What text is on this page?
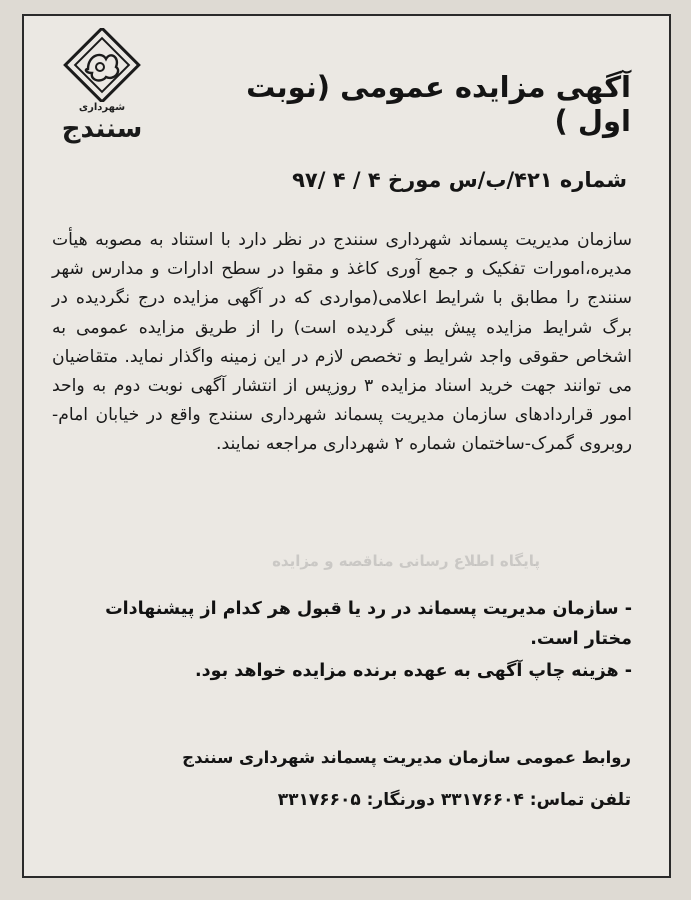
شهرداری
سنندج
آگهی مزایده عمومی (نوبت اول )
شماره ۴۲۱/ب/س مورخ ۴ / ۴ /۹۷
سازمان مدیریت پسماند شهرداری سنندج در نظر دارد با استناد به مصوبه هیأت مدیره،امورات تفکیک و جمع آوری کاغذ و مقوا در سطح ادارات و مدارس شهر سنندج را مطابق با شرایط اعلامی(مواردی که در آگهی مزایده درج نگردیده در برگ شرایط مزایده پیش بینی گردیده است) را از طریق مزایده عمومی به اشخاص حقوقی واجد شرایط و تخصص لازم در این زمینه واگذار نماید. متقاضیان می توانند جهت خرید اسناد مزایده ۳ روزپس از انتشار آگهی نوبت دوم به واحد امور قراردادهای سازمان مدیریت پسماند شهرداری سنندج واقع در خیابان امام-روبروی گمرک-ساختمان شماره ۲ شهرداری مراجعه نمایند.
پایگاه اطلاع رسانی مناقصه و مزایده
- سازمان مدیریت پسماند در رد یا قبول هر کدام از پیشنهادات مختار است.
- هزینه چاپ آگهی به عهده برنده مزایده خواهد بود.
روابط عمومی سازمان مدیریت پسماند شهرداری سنندج
تلفن تماس: ۳۳۱۷۶۶۰۴ دورنگار: ۳۳۱۷۶۶۰۵
